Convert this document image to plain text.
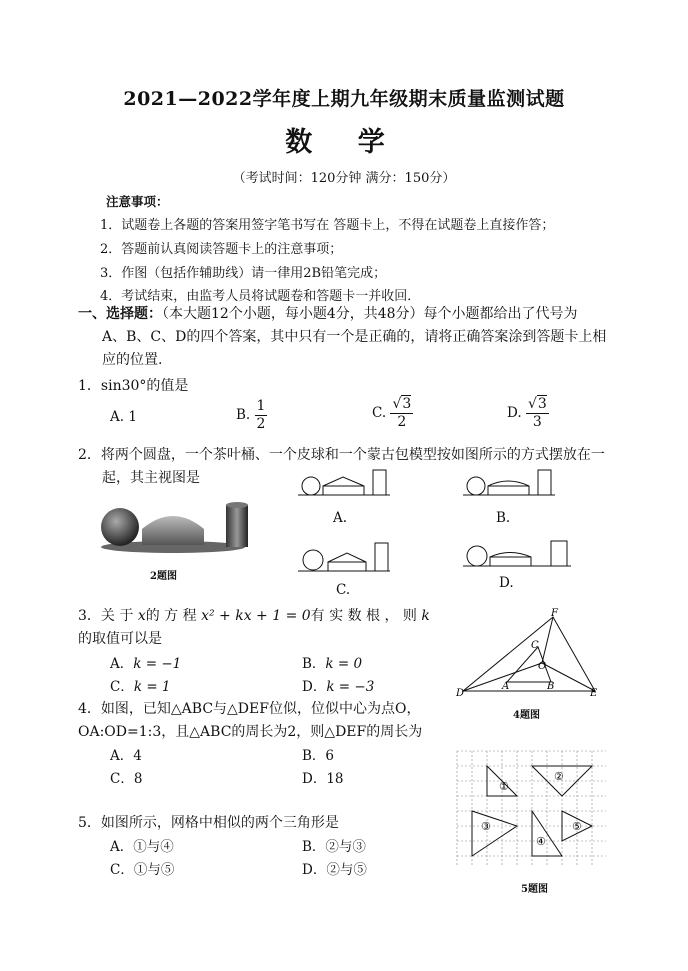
2021—2022学年度上期九年级期末质量监测试题
数 学
（考试时间：120分钟 满分：150分）
注意事项：
1．试题卷上各题的答案用签字笔书写在 答题卡上，不得在试题卷上直接作答；
2．答题前认真阅读答题卡上的注意事项；
3．作图（包括作辅助线）请一律用2B铅笔完成；
4．考试结束，由监考人员将试题卷和答题卡一并收回．
一、选择题：（本大题12个小题，每小题4分，共48分）每个小题都给出了代号为
A、B、C、D的四个答案，其中只有一个是正确的，请将正确答案涂到答题卡上相
应的位置.
1．sin30°的值是
A. 1	B. $\frac{1}{2}$	C. $\frac{√3}{2}$	D. $\frac{√3}{3}$
2．将两个圆盘，一个茶叶桶、一个皮球和一个蒙古包模型按如图所示的方式摆放在一
起，其主视图是
2题图
A.	B.
C.	D.
3．关 于 x的 方 程 x² + kx + 1 = 0有 实 数 根 ， 则 k
的取值可以是
A．k = −1	B．k = 0
C．k = 1	D．k = −3
F
C
O
D
A	B
E
4题图
4．如图，已知△ABC与△DEF位似，位似中心为点O，
OA:OD=1:3，且△ABC的周长为2，则△DEF的周长为
A．4	B．6
C．8	D．18	①
②
③
④
⑤
5题图
5．如图所示，网格中相似的两个三角形是
A．①与④	B．②与③
C．①与⑤	D．②与⑤
